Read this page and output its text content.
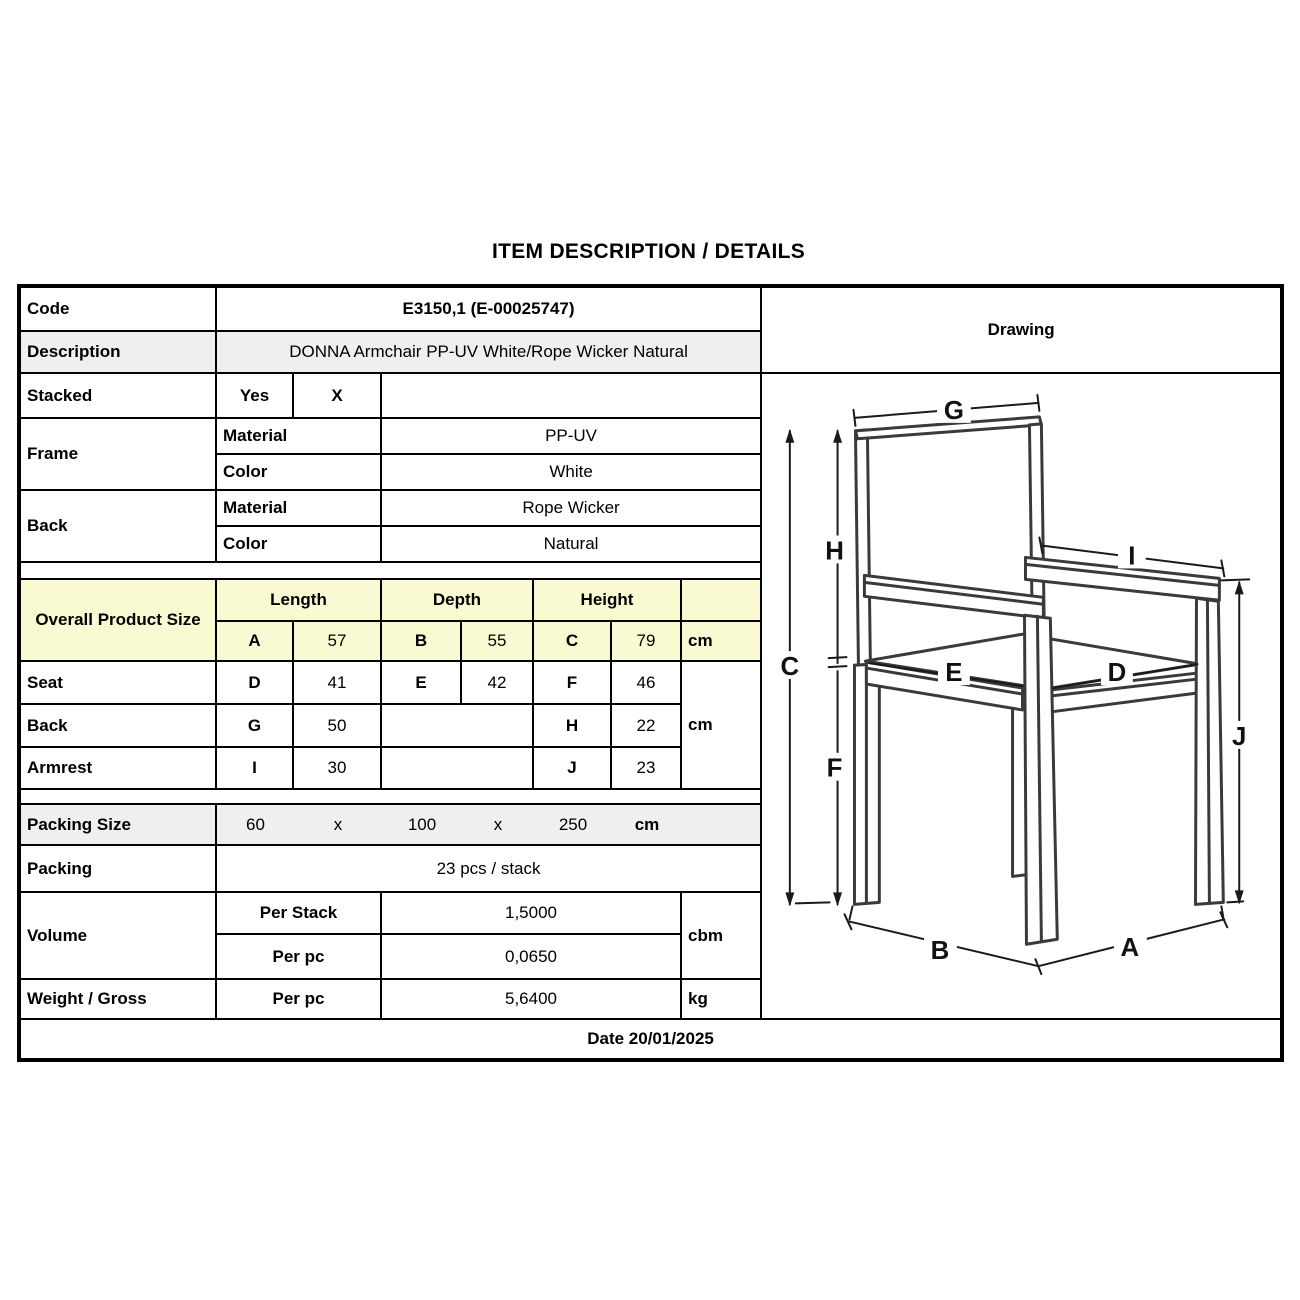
ITEM DESCRIPTION / DETAILS
Code	E3150,1 (E-00025747)							Drawing
Description	DONNA Armchair PP-UV White/Rope Wicker Natural							
Stacked	Yes	X		
C
H
F
G
I
E	D
J
B	A

Frame	Material		PP-UV					
	Color		White					
Back	Material		Rope Wicker					
	Color		Natural					

Overall Product Size	Length		Depth		Height			
	A	57	B	55	C	79	cm	
Seat	D	41	E	42	F	46	cm	
Back	G	50			H	22		
Armrest	I	30			J	23		

Packing Size	60	x	100	x	250	cm

Packing	23 pcs / stack							
Volume	Per Stack		1,5000				cbm	
	Per pc		0,0650					
Weight / Gross	Per pc		5,6400				kg	
Date 20/01/2025								
